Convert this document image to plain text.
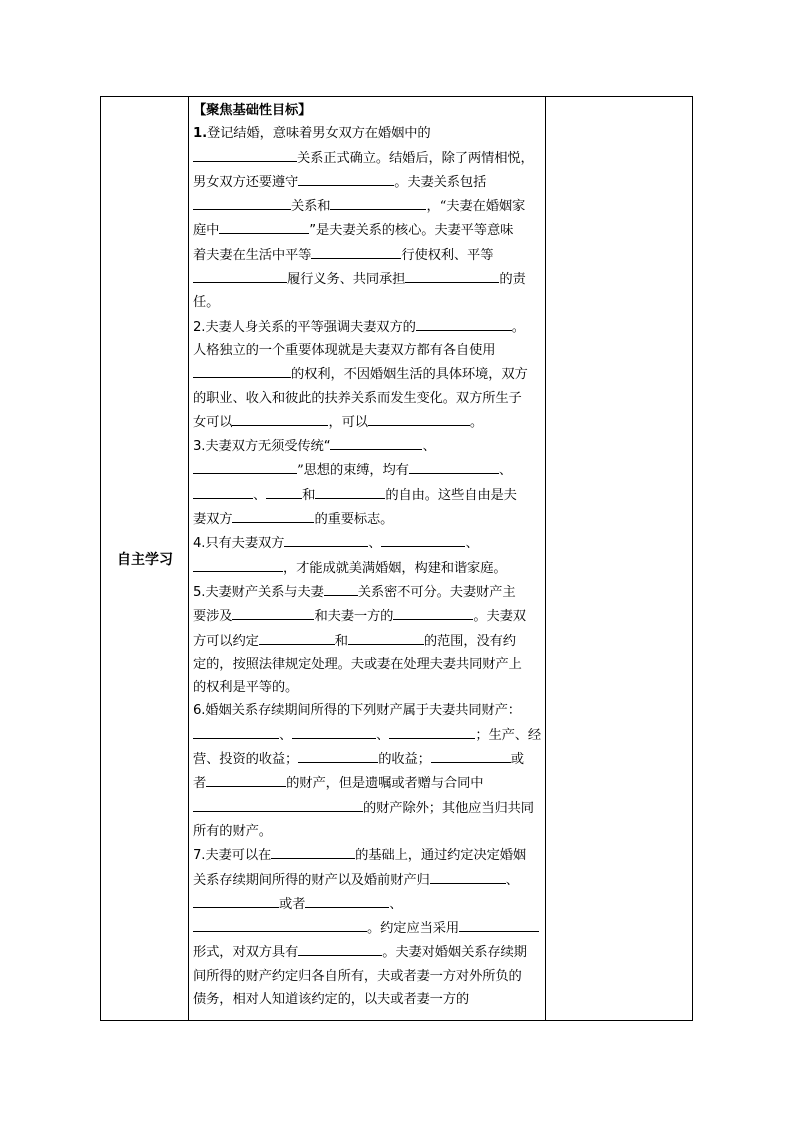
自主学习

【聚焦基础性目标】

1.登记结婚，意味着男女双方在婚姻中的

关系正式确立。结婚后，除了两情相悦，

男女双方还要遵守	。夫妻关系包括

关系和	，“夫妻在婚姻家

庭中	”是夫妻关系的核心。夫妻平等意味

着夫妻在生活中平等	行使权利、平等

履行义务、共同承担	的责

任。

2.夫妻人身关系的平等强调夫妻双方的	。

人格独立的一个重要体现就是夫妻双方都有各自使用

的权利，不因婚姻生活的具体环境，双方

的职业、收入和彼此的扶养关系而发生变化。双方所生子

女可以	，可以	。

3.夫妻双方无须受传统“	、

”思想的束缚，均有	、

、	和	的自由。这些自由是夫

妻双方	的重要标志。

4.只有夫妻双方	、	、

，才能成就美满婚姻，构建和谐家庭。

5.夫妻财产关系与夫妻	关系密不可分。夫妻财产主

要涉及	和夫妻一方的	。夫妻双

方可以约定	和	的范围，没有约

定的，按照法律规定处理。夫或妻在处理夫妻共同财产上

的权利是平等的。

6.婚姻关系存续期间所得的下列财产属于夫妻共同财产：

、	、	；生产、经

营、投资的收益；	的收益；	或

者	的财产，但是遗嘱或者赠与合同中

的财产除外；其他应当归共同

所有的财产。

7.夫妻可以在	的基础上，通过约定决定婚姻

关系存续期间所得的财产以及婚前财产归	、

或者	、

。约定应当采用

形式，对双方具有	。夫妻对婚姻关系存续期

间所得的财产约定归各自所有，夫或者妻一方对外所负的

债务，相对人知道该约定的，以夫或者妻一方的
